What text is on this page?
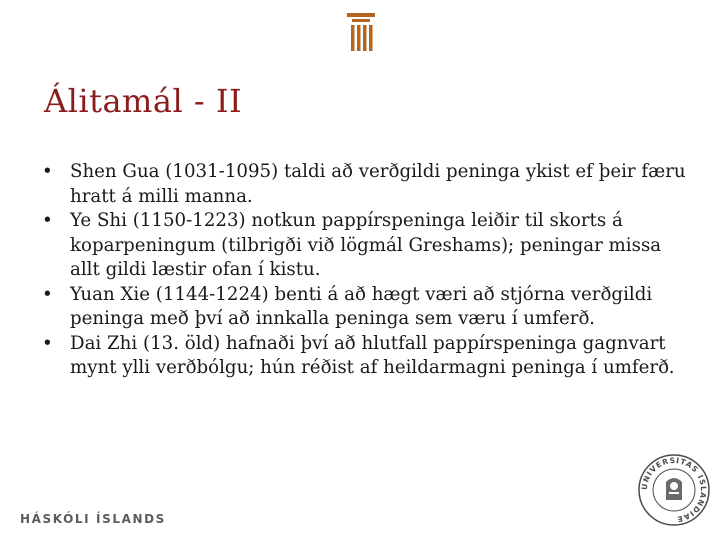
Álitamál - II
• Shen Gua (1031-1095) taldi að verðgildi peninga ykist ef þeir færu hratt á milli manna.
• Ye Shi (1150-1223) notkun pappírspeninga leiðir til skorts á koparpeningum (tilbrigði við lögmál Greshams); peningar missa allt gildi læstir ofan í kistu.
• Yuan Xie (1144-1224) benti á að hægt væri að stjórna verðgildi peninga með því að innkalla peninga sem væru í umferð.
• Dai Zhi (13. öld) hafnaði því að hlutfall pappírspeninga gagnvart mynt ylli verðbólgu; hún réðist af heildarmagni peninga í umferð.
HÁSKÓLI ÍSLANDS
UNIVERSITAS ISLANDIAE
